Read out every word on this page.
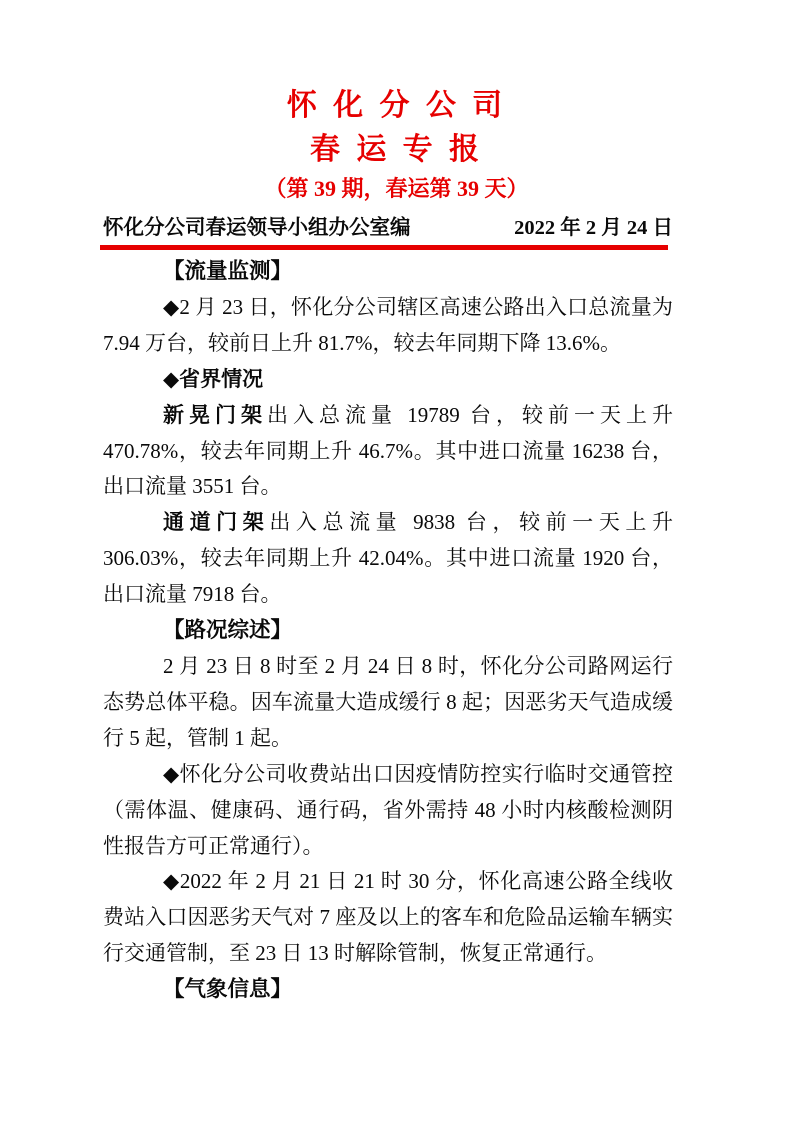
怀 化 分 公 司
春 运 专 报
（第 39 期，春运第 39 天）
怀化分公司春运领导小组办公室编	2022 年 2 月 24 日

【流量监测】

◆2 月 23 日，怀化分公司辖区高速公路出入口总流量为 7.94 万台，较前日上升 81.7%，较去年同期下降 13.6%。

◆省界情况

新晃门架出入总流量 19789 台，较前一天上升 470.78%，较去年同期上升 46.7%。其中进口流量 16238 台，出口流量 3551 台。

通道门架出入总流量 9838 台，较前一天上升 306.03%，较去年同期上升 42.04%。其中进口流量 1920 台，出口流量 7918 台。

【路况综述】

2 月 23 日 8 时至 2 月 24 日 8 时，怀化分公司路网运行态势总体平稳。因车流量大造成缓行 8 起；因恶劣天气造成缓行 5 起，管制 1 起。

◆怀化分公司收费站出口因疫情防控实行临时交通管控（需体温、健康码、通行码，省外需持 48 小时内核酸检测阴性报告方可正常通行）。

◆2022 年 2 月 21 日 21 时 30 分，怀化高速公路全线收费站入口因恶劣天气对 7 座及以上的客车和危险品运输车辆实行交通管制，至 23 日 13 时解除管制，恢复正常通行。

【气象信息】
